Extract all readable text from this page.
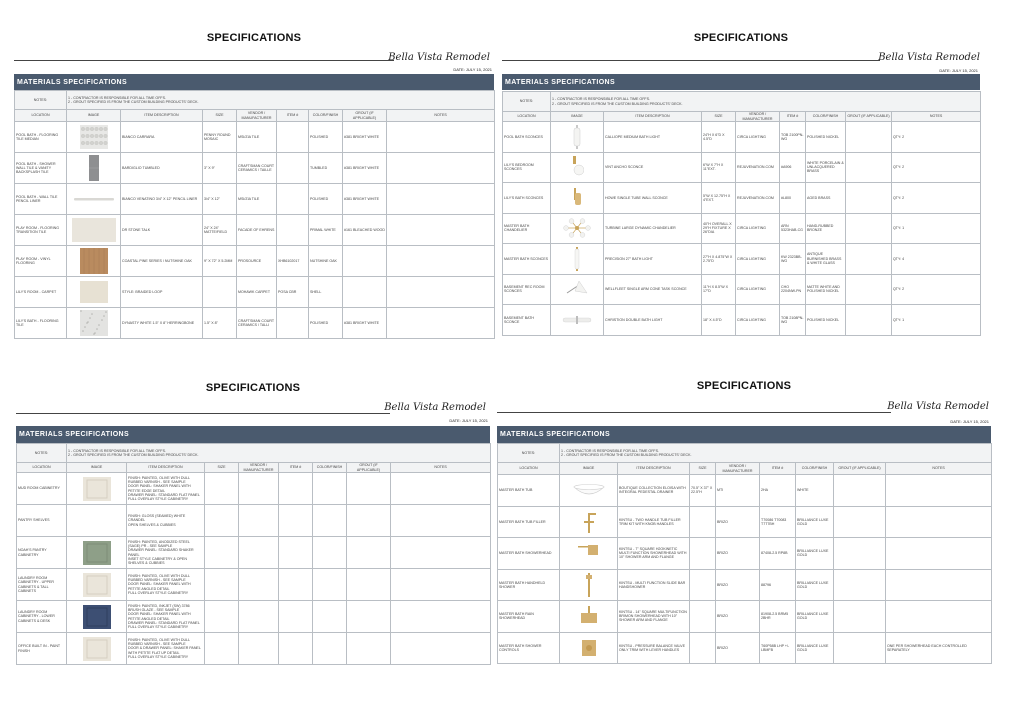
SPECIFICATIONS
Bella Vista Remodel
DATE: JULY 15, 2021
MATERIALS SPECIFICATIONS
NOTES:	1 - CONTRACTOR IS RESPONSIBLE FOR ALL TIME OFFS.
2 - GROUT SPECIFIED IS FROM THE CUSTOM BUILDING PRODUCTS' DECK.							
LOCATION	IMAGE	ITEM DESCRIPTION	SIZE	VENDOR / MANUFACTURER	ITEM #	COLOR/FINISH	GROUT (IF APPLICABLE)	NOTES
POOL BATH - FLOORING TILE MEDIAN		BIANCO CARRARA	PENNY ROUND MOSAIC	MSI/ZIA TILE		POLISHED	#381 BRIGHT WHITE	
POOL BATH - SHOWER WALL TILE & VANITY BACKSPLASH TILE		BARDIGLIO TUMBLED	3" X 9"	CRAFTSMAN COURT CERAMICS / TAILLE		TUMBLED	#381 BRIGHT WHITE	
POOL BATH - WALL TILE PENCIL LINER		BIANCO VENATINO 3/4" X 12" PENCIL LINER	3/4" X 12"	MSI/ZIA TILE		POLISHED	#381 BRIGHT WHITE	
PLAY ROOM - FLOORING TRANSITION TILE		DR STONE TALK	24" X 24" MATTE/FIELD	FACADE OF EHRENS		PRIMAL WHITE	#161 BLEACHED WOOD	
PLAY ROOM - VINYL FLOORING		COASTAL PINE SERIES / NUTSHINE OAK	9" X 72" X 5.2MM	PROSOURCE	XHB6102017	NUTSHINE OAK		
LILY'S ROOM - CARPET		STYLE: BRAIDED LOOP		MOHAWK CARPET	POSA CBR	SHELL		
LILY'S BATH - FLOORING TILE		DYNASTY WHITE 1.5" X 8" HERRINGBONE	1.5" X 8"	CRAFTSMAN COURT CERAMICS / TALLI		POLISHED	#381 BRIGHT WHITE	
SPECIFICATIONS
Bella Vista Remodel
DATE: JULY 15, 2021
MATERIALS SPECIFICATIONS
NOTES:	1 - CONTRACTOR IS RESPONSIBLE FOR ALL TIME OFFS.
2 - GROUT SPECIFIED IS FROM THE CUSTOM BUILDING PRODUCTS' DECK.							
LOCATION	IMAGE	ITEM DESCRIPTION	SIZE	VENDOR / MANUFACTURER	ITEM #	COLOR/FINISH	GROUT (IF APPLICABLE)	NOTES
POOL BATH SCONCES		CALLIOPE MEDIUM BATH LIGHT	24"H X 6"D X 4.5"D	CIRCA LIGHTING	TOB 2100PN-WG	POLISHED NICKEL		QTY: 2
LILY'S BEDROOM SCONCES		VINT ANCHO SCONCE	6"W X 7"H X 11"EXT.	REJUVENATION.COM	#A906	WHITE PORCELAIN & UNLACQUERED BRASS		QTY: 2
LILY'S BATH SCONCES		HOWE SINGLE TUBE WALL SCONCE	5"W X 12.75"H X 4"EXT.	REJUVENATION.COM	#L800	AGED BRASS		QTY: 2
MASTER BATH CHANDELIER		TURBINE LARGE DYNAMIC CHANDELIER	40"H OVERALL X 29"H FIXTURE X 26"DIA	CIRCA LIGHTING	ARN 5323HAB-CG	HAND-RUBBED BRONZE		QTY: 1
MASTER BATH SCONCES		PRECISION 27" BATH LIGHT	27"H X 4.875"W X 2.75"D	CIRCA LIGHTING	KW 2323BB-WG	ANTIQUE BURNISHED BRASS & WHITE GLASS		QTY: 4
BASEMENT REC ROOM SCONCES		WELLFLEET SINGLE ARM CONE TASK SCONCE	11"H X 8.5"W X 17"D	CIRCA LIGHTING	CHO 2204NW-PN	MATTE WHITE AND POLISHED NICKEL		QTY: 2
BASEMENT BATH SCONCE		CHRISTION DOUBLE BATH LIGHT	18" X 4.5"D	CIRCA LIGHTING	TOB 2108PN-WG	POLISHED NICKEL		QTY: 1
SPECIFICATIONS
Bella Vista Remodel
DATE: JULY 15, 2021
MATERIALS SPECIFICATIONS
NOTES:	1 - CONTRACTOR IS RESPONSIBLE FOR ALL TIME OFFS.
2 - GROUT SPECIFIED IS FROM THE CUSTOM BUILDING PRODUCTS' DECK.							
LOCATION	IMAGE	ITEM DESCRIPTION	SIZE	VENDOR / MANUFACTURER	ITEM #	COLOR/FINISH	GROUT (IF APPLICABLE)	NOTES
MUD ROOM CABINETRY		FINISH: PAINTED, OLIVE WITH DULL RUBBED VARNISH - SEE SAMPLE
DOOR PANEL: SHAKER PANEL WITH PETITE EDGE DETAIL
DRAWER PANEL: STANDARD FLAT PANEL
FULL OVERLAY STYLE CABINETRY						
PANTRY SHELVES		FINISH: GLOSS (SEAMED) WHITE CRANDEL
OPEN SHELVES & CUBBIES						
NOAH'S PANTRY CABINETRY		FINISH: PAINTED, ANODIZED STEEL (SAGE) PR - SEE SAMPLE
DRAWER PANEL: STANDARD SHAKER PANEL
INSET STYLE CABINETRY & OPEN SHELVES & CUBBIES						
LAUNDRY ROOM CABINETRY - UPPER CABINETS & TALL CABINETS		FINISH: PAINTED, OLIVE WITH DULL RUBBED VARNISH - SEE SAMPLE
DOOR PANEL: SHAKER PANEL WITH PETITE ANGLED DETAIL
FULL OVERLAY STYLE CABINETRY						
LAUNDRY ROOM CABINETRY - LOWER CABINETS & DESK		FINISH: PAINTED, INKJET (SW) 3786 BRUSH GLAZE - SEE SAMPLE
DOOR PANEL: SHAKER PANEL WITH PETITE ANGLED DETAIL
DRAWER PANEL: STANDARD FLAT PANEL
FULL OVERLAY STYLE CABINETRY						
OFFICE BUILT IN - PAINT FINISH		FINISH: PAINTED, OLIVE WITH DULL RUBBED VARNISH - SEE SAMPLE
DOOR & DRAWER PANEL: SHAKER PANEL WITH PETITE FLAT UP DETAIL
FULL OVERLAY STYLE CABINETRY						
SPECIFICATIONS
Bella Vista Remodel
DATE: JULY 15, 2021
MATERIALS SPECIFICATIONS
NOTES:	1 - CONTRACTOR IS RESPONSIBLE FOR ALL TIME OFFS.
2 - GROUT SPECIFIED IS FROM THE CUSTOM BUILDING PRODUCTS' DECK.							
LOCATION	IMAGE	ITEM DESCRIPTION	SIZE	VENDOR / MANUFACTURER	ITEM #	COLOR/FINISH	GROUT (IF APPLICABLE)	NOTES
MASTER BATH TUB		BOUTIQUE COLLECTION ELOISA WITH INTEGRAL PEDESTAL DRAINER	70.5" X 37" X 22.5"H	MTI	2HA	WHITE		
MASTER BATH TUB FILLER		KINTSU - TWO HANDLE TUB FILLER TRIM KIT WITH KNOB HANDLES		BRIZO	T70086 T70083 T7T7BH	BRILLIANCE LUXE GOLD		
MASTER BATH SHOWERHEAD		KINTSU - 7" SQUARE H2OKINETIC MULTI FUNCTION SHOWERHEAD WITH 10" SHOWER ARM AND FLANGE		BRIZO	87408-2.5 RP8B	BRILLIANCE LUXE GOLD		
MASTER BATH HANDHELD SHOWER		KINTSU - MULTI FUNCTION SLIDE BAR HANDSHOWER		BRIZO	88796	BRILLIANCE LUXE GOLD		
MASTER BATH RAIN SHOWERHEAD		KINTSU - 14" SQUARE MULTIFUNCTION BRIMON SHOWERHEAD WITH 10" SHOWER ARM AND FLANGE		BRIZO	81908-2.5 BRM5 2BHR	BRILLIANCE LUXE GOLD		
MASTER BATH SHOWER CONTROLS		KINTSU - PRESSURE BALANCE VALVE ONLY TRIM WITH LEVER HANDLES		BRIZO	T60P58B LHP +/-LBMFB	BRILLIANCE LUXE GOLD		ONE PER SHOWERHEAD EACH CONTROLLED SEPARATELY
